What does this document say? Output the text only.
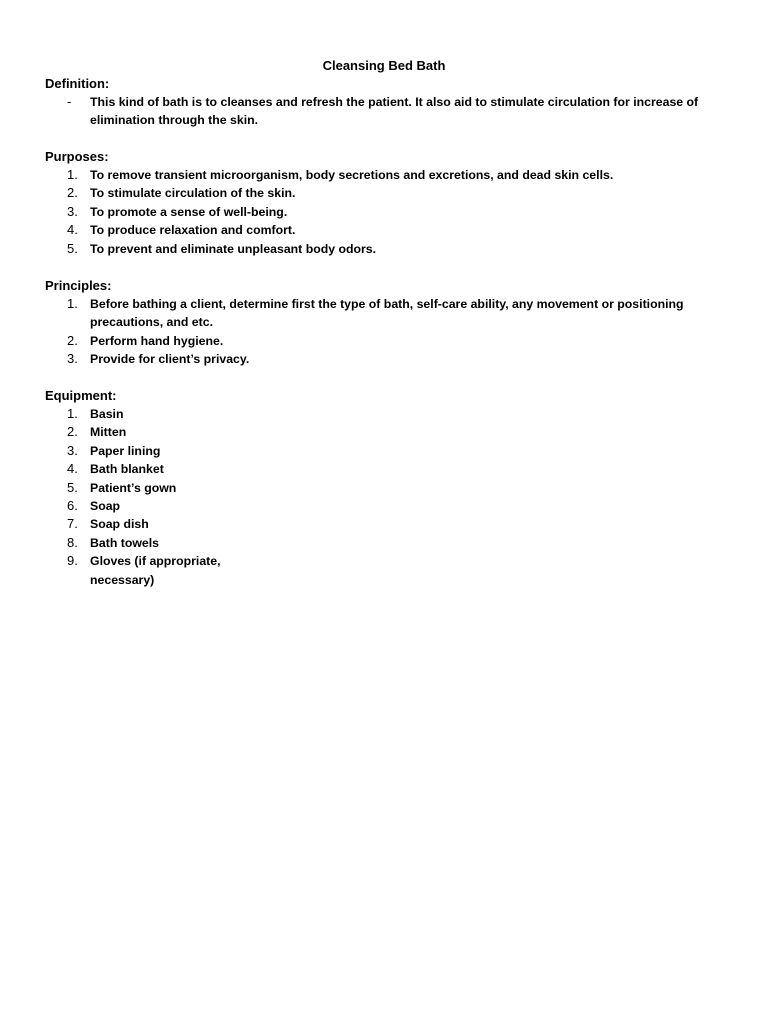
Cleansing Bed Bath
Definition:
-	This kind of bath is to cleanses and refresh the patient. It also aid to stimulate circulation for increase of elimination through the skin.
Purposes:
1. To remove transient microorganism, body secretions and excretions, and dead skin cells.
2. To stimulate circulation of the skin.
3. To promote a sense of well-being.
4. To produce relaxation and comfort.
5. To prevent and eliminate unpleasant body odors.
Principles:
1. Before bathing a client, determine first the type of bath, self-care ability, any movement or positioning precautions, and etc.
2. Perform hand hygiene.
3. Provide for client’s privacy.
Equipment:
1. Basin
2. Mitten
3. Paper lining
4. Bath blanket
5. Patient’s gown
6. Soap
7. Soap dish
8. Bath towels
9. Gloves (if appropriate, necessary)
